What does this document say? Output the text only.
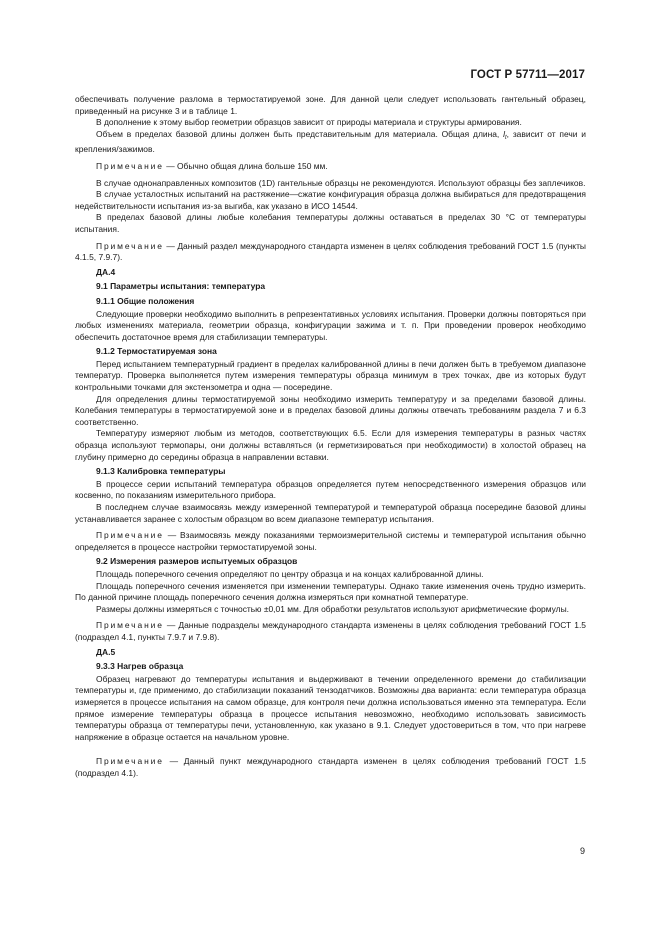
ГОСТ Р 57711—2017

обеспечивать получение разлома в термостатируемой зоне. Для данной цели следует использовать гантельный образец, приведенный на рисунке 3 и в таблице 1.

В дополнение к этому выбор геометрии образцов зависит от природы материала и структуры армирования.

Объем в пределах базовой длины должен быть представительным для материала. Общая длина, $l_t$, зависит от печи и крепления/зажимов.

Примечание — Обычно общая длина больше 150 мм.

В случае однонаправленных композитов (1D) гантельные образцы не рекомендуются. Используют образцы без заплечиков.

В случае усталостных испытаний на растяжение—сжатие конфигурация образца должна выбираться для предотвращения недействительности испытания из-за выгиба, как указано в ИСО 14544.

В пределах базовой длины любые колебания температуры должны оставаться в пределах 30 °С от температуры испытания.

Примечание — Данный раздел международного стандарта изменен в целях соблюдения требований ГОСТ 1.5 (пункты 4.1.5, 7.9.7).

ДА.4

9.1 Параметры испытания: температура

9.1.1 Общие положения

Следующие проверки необходимо выполнить в репрезентативных условиях испытания. Проверки должны повторяться при любых изменениях материала, геометрии образца, конфигурации зажима и т. п. При проведении проверок необходимо обеспечить достаточное время для стабилизации температуры.

9.1.2 Термостатируемая зона

Перед испытанием температурный градиент в пределах калиброванной длины в печи должен быть в требуемом диапазоне температур. Проверка выполняется путем измерения температуры образца минимум в трех точках, две из которых будут контрольными точками для экстензометра и одна — посередине.

Для определения длины термостатируемой зоны необходимо измерить температуру и за пределами базовой длины. Колебания температуры в термостатируемой зоне и в пределах базовой длины должны отвечать требованиям раздела 7 и 6.3 соответственно.

Температуру измеряют любым из методов, соответствующих 6.5. Если для измерения температуры в разных частях образца используют термопары, они должны вставляться (и герметизироваться при необходимости) в холостой образец на глубину примерно до середины образца в направлении вставки.

9.1.3 Калибровка температуры

В процессе серии испытаний температура образцов определяется путем непосредственного измерения образцов или косвенно, по показаниям измерительного прибора.

В последнем случае взаимосвязь между измеренной температурой и температурой образца посередине базовой длины устанавливается заранее с холостым образцом во всем диапазоне температур испытания.

Примечание — Взаимосвязь между показаниями термоизмерительной системы и температурой испытания обычно определяется в процессе настройки термостатируемой зоны.

9.2 Измерения размеров испытуемых образцов

Площадь поперечного сечения определяют по центру образца и на концах калиброванной длины.

Площадь поперечного сечения изменяется при изменении температуры. Однако такие изменения очень трудно измерить. По данной причине площадь поперечного сечения должна измеряться при комнатной температуре.

Размеры должны измеряться с точностью ±0,01 мм. Для обработки результатов используют арифметические формулы.

Примечание — Данные подразделы международного стандарта изменены в целях соблюдения требований ГОСТ 1.5 (подраздел 4.1, пункты 7.9.7 и 7.9.8).

ДА.5

9.3.3 Нагрев образца

Образец нагревают до температуры испытания и выдерживают в течении определенного времени до стабилизации температуры и, где применимо, до стабилизации показаний тензодатчиков. Возможны два варианта: если температура образца измеряется в процессе испытания на самом образце, для контроля печи должна использоваться именно эта температура. Если прямое измерение температуры образца в процессе испытания невозможно, необходимо использовать зависимость температуры образца от температуры печи, установленную, как указано в 9.1. Следует удостовериться в том, что при нагреве напряжение в образце остается на начальном уровне.

Примечание — Данный пункт международного стандарта изменен в целях соблюдения требований ГОСТ 1.5 (подраздел 4.1).

9
